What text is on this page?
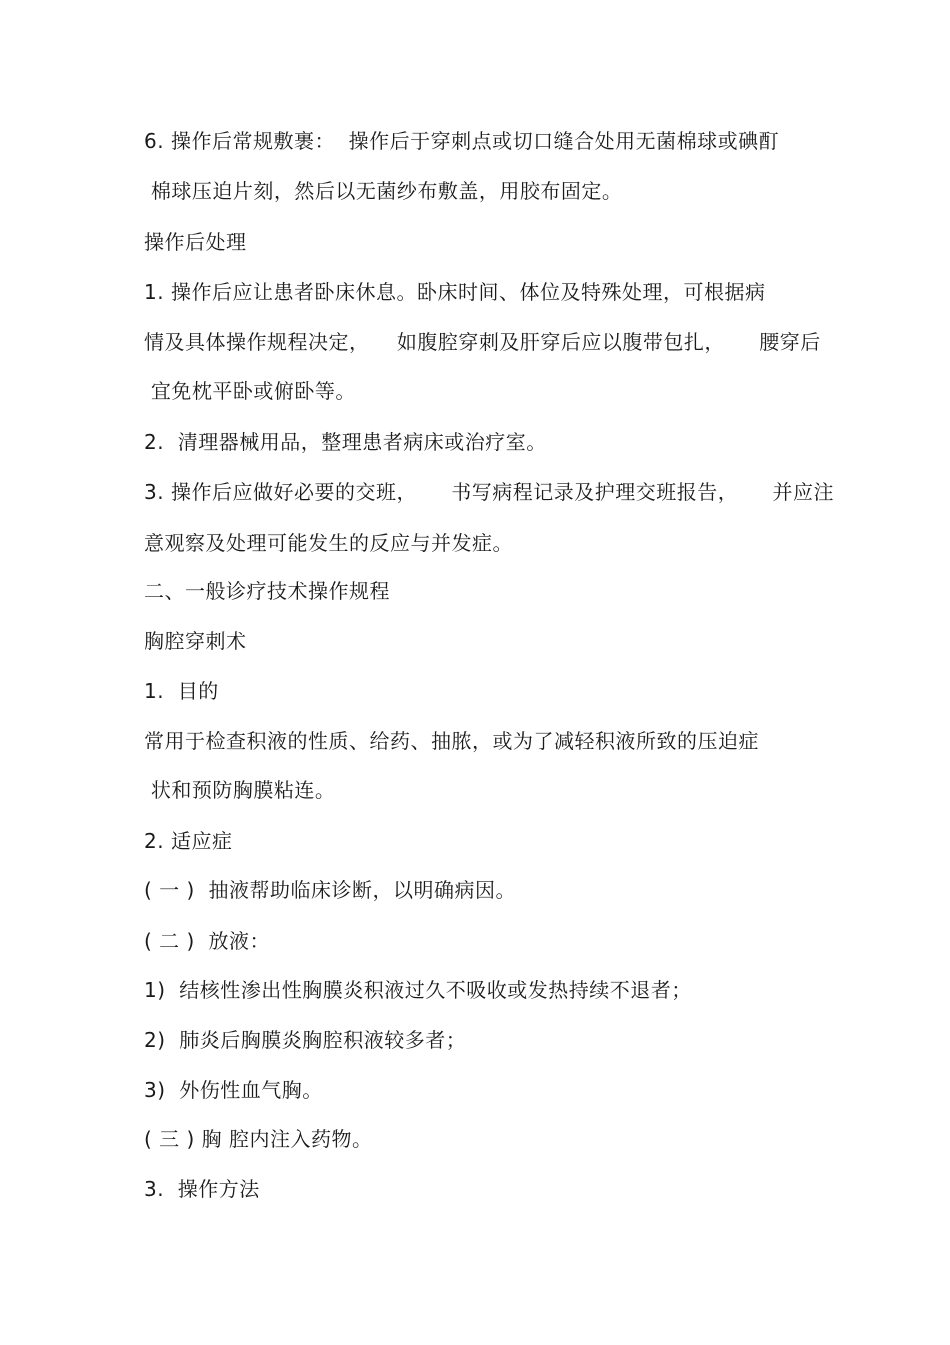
6. 操作后常规敷裹：  操作后于穿刺点或切口缝合处用无菌棉球或碘酊
棉球压迫片刻，然后以无菌纱布敷盖，用胶布固定。
操作后处理
1. 操作后应让患者卧床休息。卧床时间、体位及特殊处理，可根据病
情及具体操作规程决定，    如腹腔穿刺及肝穿后应以腹带包扎，     腰穿后
宜免枕平卧或俯卧等。
2.  清理器械用品，整理患者病床或治疗室。
3. 操作后应做好必要的交班，     书写病程记录及护理交班报告，     并应注
意观察及处理可能发生的反应与并发症。
二、一般诊疗技术操作规程
胸腔穿刺术
1.  目的
常用于检查积液的性质、给药、抽脓，或为了减轻积液所致的压迫症
状和预防胸膜粘连。
2. 适应症
( 一 )  抽液帮助临床诊断，以明确病因。
( 二 )  放液：
1)  结核性渗出性胸膜炎积液过久不吸收或发热持续不退者；
2)  肺炎后胸膜炎胸腔积液较多者；
3)  外伤性血气胸。
( 三 ) 胸 腔内注入药物。
3.  操作方法
